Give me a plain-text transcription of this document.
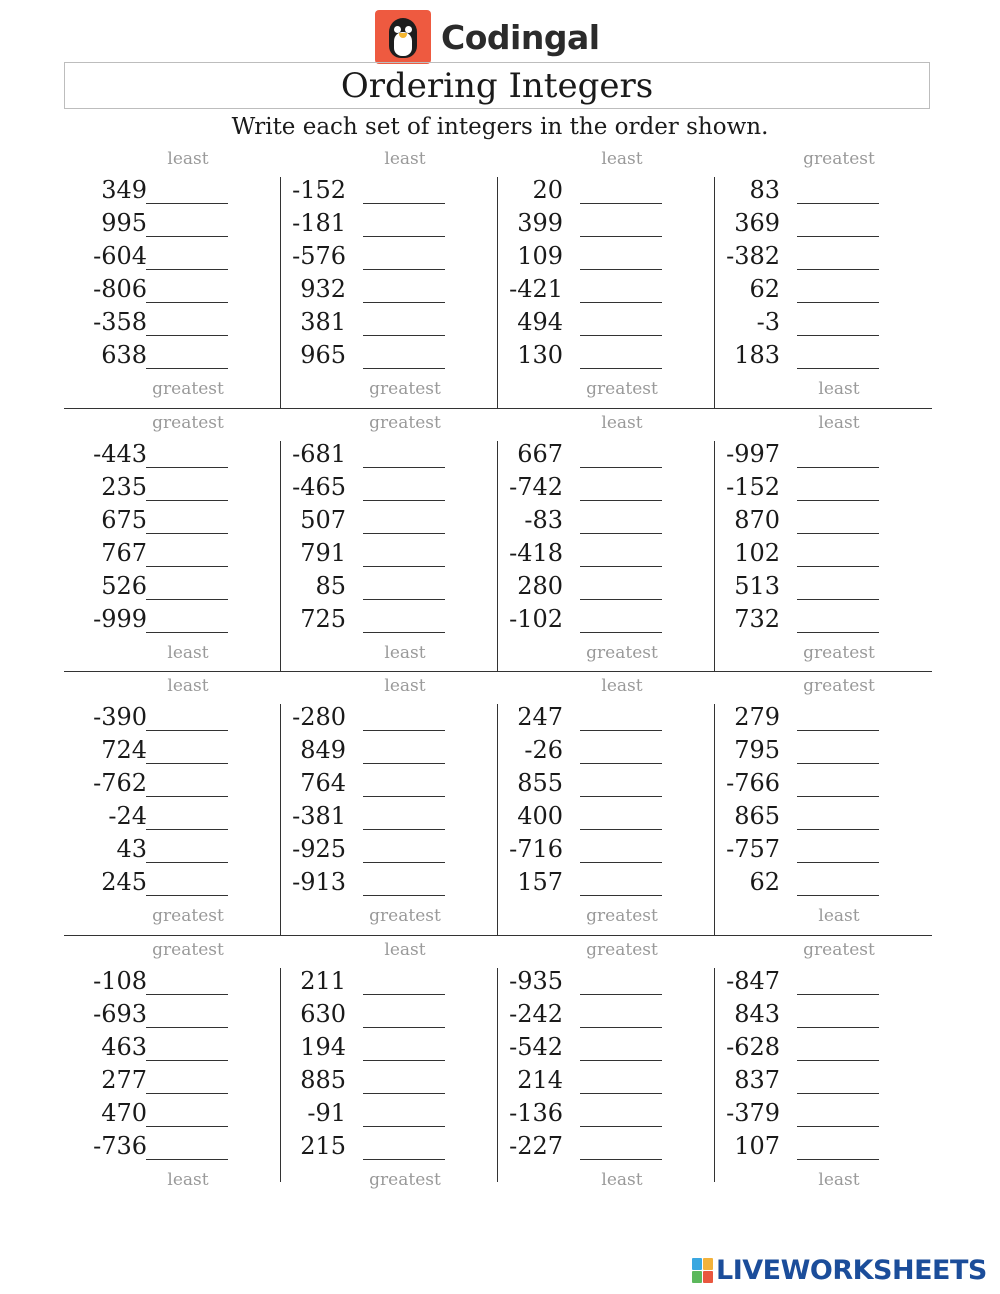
Codingal
Ordering Integers
Write each set of integers in the order shown.
least
349
995
-604
-806
-358
638
greatest
least
-152
-181
-576
932
381
965
greatest
least
20
399
109
-421
494
130
greatest
greatest
83
369
-382
62
-3
183
least
greatest
-443
235
675
767
526
-999
least
greatest
-681
-465
507
791
85
725
least
least
667
-742
-83
-418
280
-102
greatest
least
-997
-152
870
102
513
732
greatest
least
-390
724
-762
-24
43
245
greatest
least
-280
849
764
-381
-925
-913
greatest
least
247
-26
855
400
-716
157
greatest
greatest
279
795
-766
865
-757
62
least
greatest
-108
-693
463
277
470
-736
least
least
211
630
194
885
-91
215
greatest
greatest
-935
-242
-542
214
-136
-227
least
greatest
-847
843
-628
837
-379
107
least
LIVEWORKSHEETS
